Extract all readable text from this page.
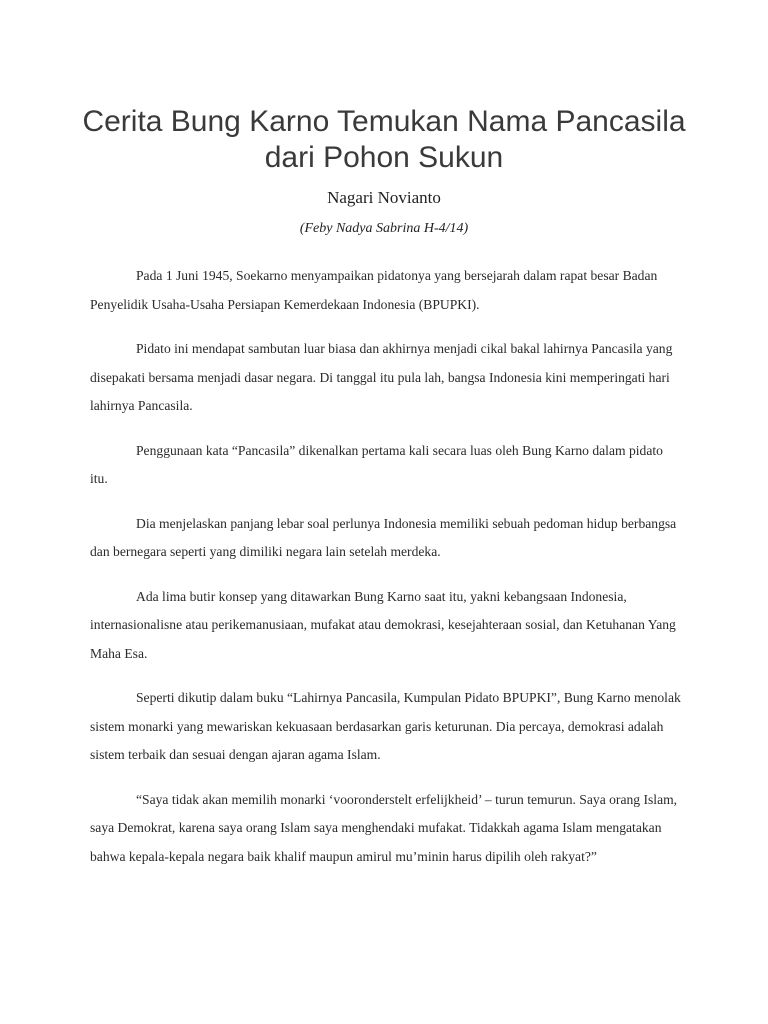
Cerita Bung Karno Temukan Nama Pancasila dari Pohon Sukun

Nagari Novianto

(Feby Nadya Sabrina H-4/14)

Pada 1 Juni 1945, Soekarno menyampaikan pidatonya yang bersejarah dalam rapat besar Badan Penyelidik Usaha-Usaha Persiapan Kemerdekaan Indonesia (BPUPKI).

Pidato ini mendapat sambutan luar biasa dan akhirnya menjadi cikal bakal lahirnya Pancasila yang disepakati bersama menjadi dasar negara. Di tanggal itu pula lah, bangsa Indonesia kini memperingati hari lahirnya Pancasila.

Penggunaan kata “Pancasila” dikenalkan pertama kali secara luas oleh Bung Karno dalam pidato itu.

Dia menjelaskan panjang lebar soal perlunya Indonesia memiliki sebuah pedoman hidup berbangsa dan bernegara seperti yang dimiliki negara lain setelah merdeka.

Ada lima butir konsep yang ditawarkan Bung Karno saat itu, yakni kebangsaan Indonesia, internasionalisne atau perikemanusiaan, mufakat atau demokrasi, kesejahteraan sosial, dan Ketuhanan Yang Maha Esa.

Seperti dikutip dalam buku “Lahirnya Pancasila, Kumpulan Pidato BPUPKI”, Bung Karno menolak sistem monarki yang mewariskan kekuasaan berdasarkan garis keturunan. Dia percaya, demokrasi adalah sistem terbaik dan sesuai dengan ajaran agama Islam.

“Saya tidak akan memilih monarki ‘vooronderstelt erfelijkheid’ – turun temurun. Saya orang Islam, saya Demokrat, karena saya orang Islam saya menghendaki mufakat. Tidakkah agama Islam mengatakan bahwa kepala-kepala negara baik khalif maupun amirul mu’minin harus dipilih oleh rakyat?”
